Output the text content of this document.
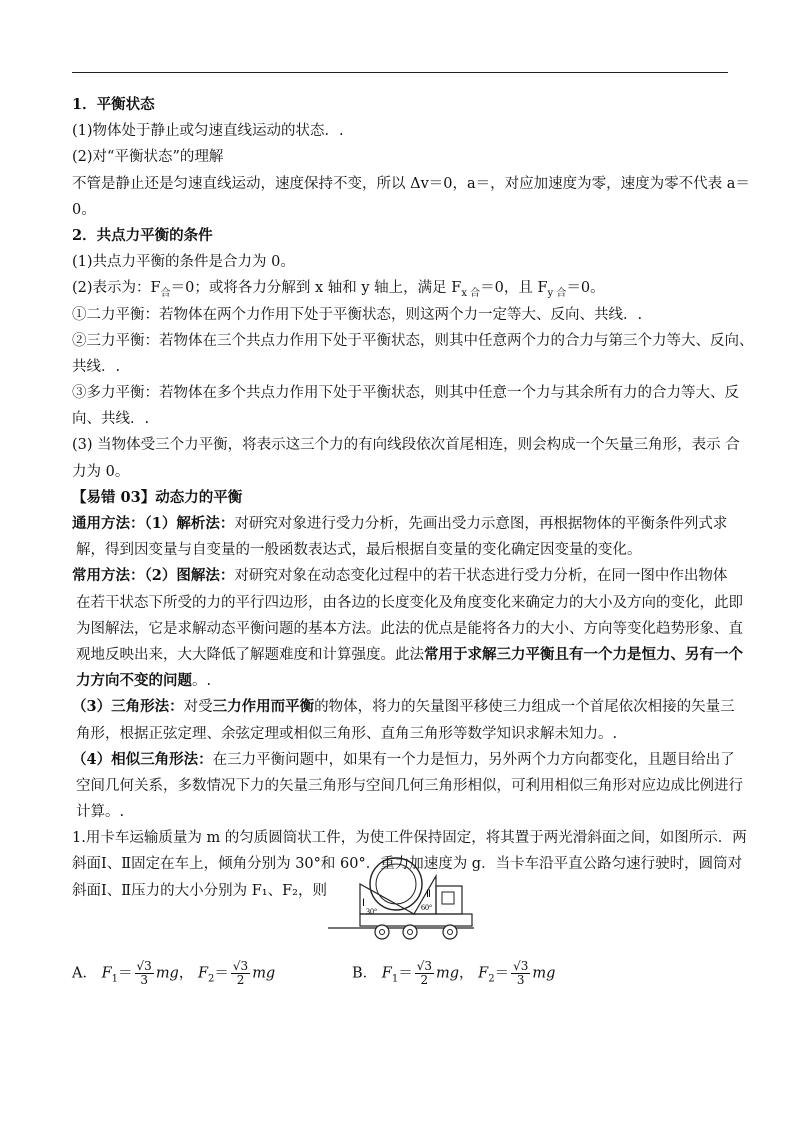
1．平衡状态
(1)物体处于静止或匀速直线运动的状态．.
(2)对“平衡状态”的理解
不管是静止还是匀速直线运动，速度保持不变，所以 Δv＝0，a＝，对应加速度为零，速度为零不代表 a＝
0。
2．共点力平衡的条件
(1)共点力平衡的条件是合力为 0。
(2)表示为：$F_合=0$；或将各力分解到 x 轴和 y 轴上，满足 $F_{x 合}=0$，且 $F_{y 合}=0$。
①二力平衡：若物体在两个力作用下处于平衡状态，则这两个力一定等大、反向、共线．.
②三力平衡：若物体在三个共点力作用下处于平衡状态，则其中任意两个力的合力与第三个力等大、反向、
共线．.
③多力平衡：若物体在多个共点力作用下处于平衡状态，则其中任意一个力与其余所有力的合力等大、反
向、共线．.
(3) 当物体受三个力平衡，将表示这三个力的有向线段依次首尾相连，则会构成一个矢量三角形，表示 合
力为 0。
【易错 03】动态力的平衡
通用方法：（1）解析法：对研究对象进行受力分析，先画出受力示意图，再根据物体的平衡条件列式求
解，得到因变量与自变量的一般函数表达式，最后根据自变量的变化确定因变量的变化。
常用方法：（2）图解法：对研究对象在动态变化过程中的若干状态进行受力分析，在同一图中作出物体
在若干状态下所受的力的平行四边形，由各边的长度变化及角度变化来确定力的大小及方向的变化，此即
为图解法，它是求解动态平衡问题的基本方法。此法的优点是能将各力的大小、方向等变化趋势形象、直
观地反映出来，大大降低了解题难度和计算强度。此法常用于求解三力平衡且有一个力是恒力、另有一个
力方向不变的问题。.
（3）三角形法：对受三力作用而平衡的物体，将力的矢量图平移使三力组成一个首尾依次相接的矢量三
角形，根据正弦定理、余弦定理或相似三角形、直角三角形等数学知识求解未知力。.
（4）相似三角形法：在三力平衡问题中，如果有一个力是恒力，另外两个力方向都变化，且题目给出了
空间几何关系，多数情况下力的矢量三角形与空间几何三角形相似，可利用相似三角形对应边成比例进行
计算。.
1.用卡车运输质量为 m 的匀质圆筒状工件，为使工件保持固定，将其置于两光滑斜面之间，如图所示．两
斜面Ⅰ、Ⅱ固定在车上，倾角分别为 30°和 60°．重力加速度为 g．当卡车沿平直公路匀速行驶时，圆筒对
斜面Ⅰ、Ⅱ压力的大小分别为 F₁、F₂，则
Ⅰ
30°
Ⅱ
60°
A． $F_1= \frac{√3}{3}$ mg， $F_2= \frac{√3}{2}$ mg	B． $F_1= \frac{√3}{2}$ mg， $F_2= \frac{√3}{3}$ mg
